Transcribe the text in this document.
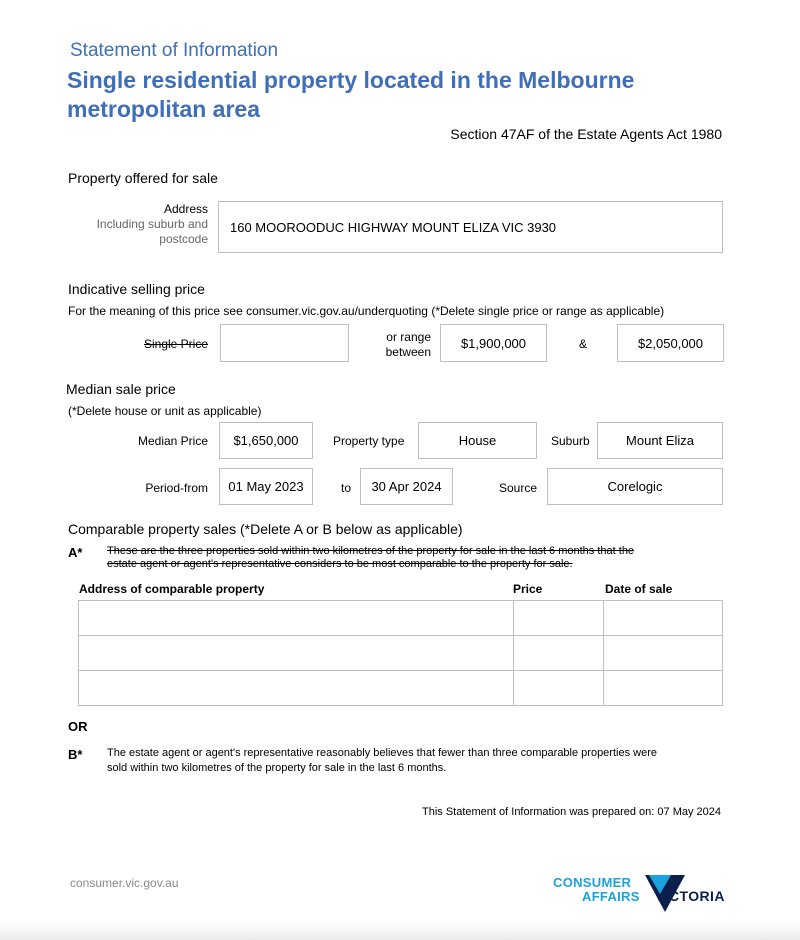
Statement of Information
Single residential property located in the Melbourne
metropolitan area
Section 47AF of the Estate Agents Act 1980
Property offered for sale
Address
Including suburb and
postcode
160 MOOROODUC HIGHWAY MOUNT ELIZA VIC 3930
Indicative selling price
For the meaning of this price see consumer.vic.gov.au/underquoting (*Delete single price or range as applicable)
Single Price	or range
between
$1,900,000	&	$2,050,000
Median sale price
(*Delete house or unit as applicable)
Median Price $1,650,000	Property type	House	Suburb	Mount Eliza
Period-from 01 May 2023	to 30 Apr 2024	Source	Corelogic
Comparable property sales (*Delete A or B below as applicable)
A* These are the three properties sold within two kilometres of the property for sale in the last 6 months that the
estate agent or agent's representative considers to be most comparable to the property for sale.
Address of comparable property	Price	Date of sale

OR
B* The estate agent or agent's representative reasonably believes that fewer than three comparable properties were
sold within two kilometres of the property for sale in the last 6 months.
This Statement of Information was prepared on: 07 May 2024
consumer.vic.gov.au	CONSUMER
AFFAIRS VICTORIA
